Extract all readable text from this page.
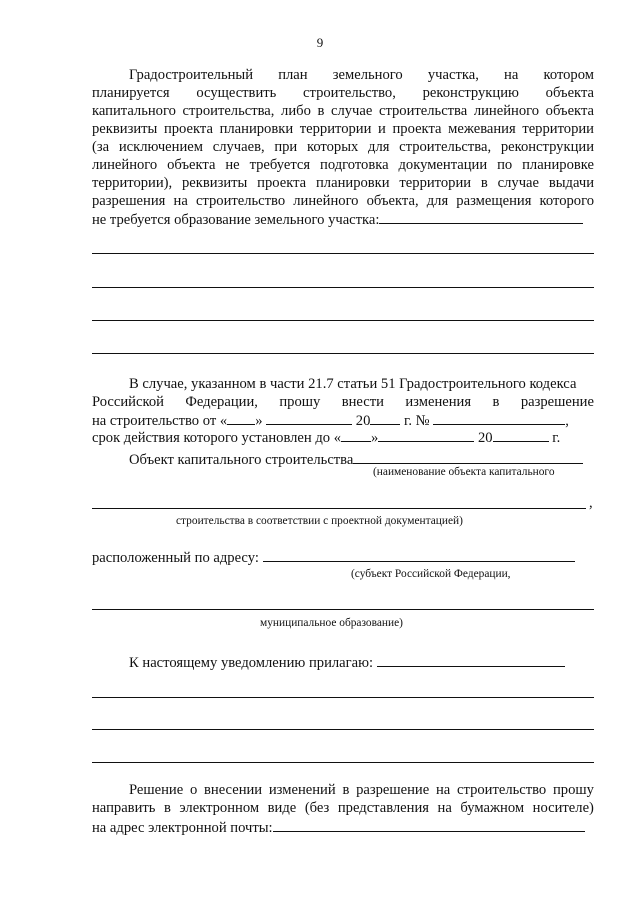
9
Градостроительный план земельного участка, на котором
планируется осуществить строительство, реконструкцию объекта
капитального строительства, либо в случае строительства линейного объекта
реквизиты проекта планировки территории и проекта межевания территории
(за исключением случаев, при которых для строительства, реконструкции
линейного объекта не требуется подготовка документации по планировке
территории), реквизиты проекта планировки территории в случае выдачи
разрешения на строительство линейного объекта, для размещения которого
не требуется образование земельного участка:
В случае, указанном в части 21.7 статьи 51 Градостроительного кодекса
Российской Федерации, прошу внести изменения в разрешение
на строительство от « »	20 г. №	,
срок действия которого установлен до « »	20	г.
Объект капитального строительства
(наименование объекта капитального
,
строительства в соответствии с проектной документацией)
расположенный по адресу:
(субъект Российской Федерации,
муниципальное образование)
К настоящему уведомлению прилагаю:
Решение о внесении изменений в разрешение на строительство прошу
направить в электронном виде (без представления на бумажном носителе)
на адрес электронной почты:
